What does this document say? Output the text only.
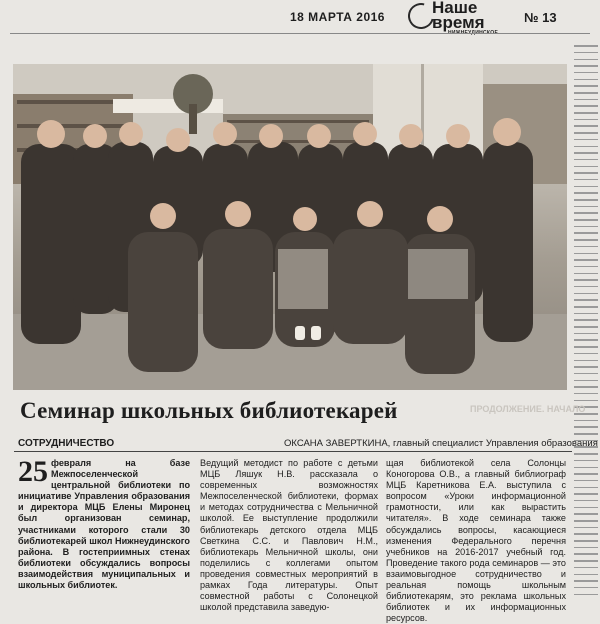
18 МАРТА 2016	Наше
время	№ 13
Семинар школьных библиотекарей	ПРОДОЛЖЕНИЕ. НАЧАЛО
СОТРУДНИЧЕСТВО	ОКСАНА ЗАВЕРТКИНА, главный специалист Управления образования
25 февраля на базе Межпоселенческой центральной библиотеки по инициативе Управления образования и директора МЦБ Елены Миронец был организован семинар, участниками которого стали 30 библиотекарей школ Нижнеудинского района. В гостеприимных стенах библиотеки обсуждались вопросы взаимодействия муниципальных и школьных библиотек.
Ведущий методист по работе с детьми МЦБ Ляшук Н.В. рассказала о современных возможностях Межпоселенческой библиотеки, формах и методах сотрудничества с Мельничной школой. Ее выступление продолжили библиотекарь детского отдела МЦБ Светкина С.С. и Павлович Н.М., библиотекарь Мельничной школы, они поделились с коллегами опытом проведения совместных мероприятий в рамках Года литературы. Опыт совместной работы с Солонецкой школой представила заведую-
щая библиотекой села Солонцы Коногорова О.В., а главный библиограф МЦБ Каретникова Е.А. выступила с вопросом «Уроки информационной грамотности, или как вырастить читателя». В ходе семинара также обсуждались вопросы, касающиеся изменения Федерального перечня учебников на 2016-2017 учебный год. Проведение такого рода семинаров — это взаимовыгодное сотрудничество и реальная помощь школьным библиотекарям, это реклама школьных библиотек и их информационных ресурсов.
